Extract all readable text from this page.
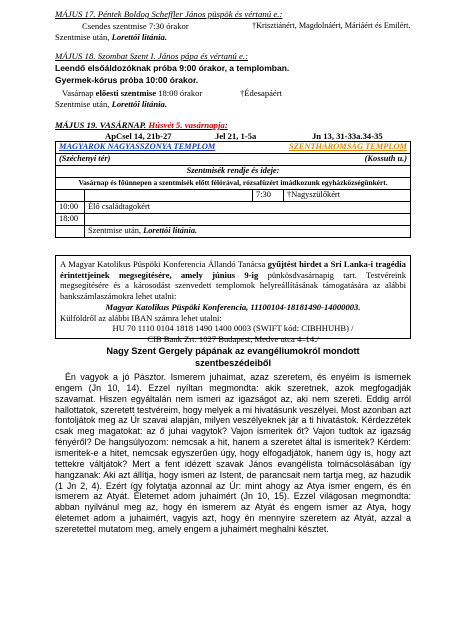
MÁJUS 17. Péntek Boldog Scheffler János püspök és vértanú e.:
Csendes szentmise 7:30 órakor	†Krisztiánért, Magdolnáért, Máriáért és Emilért.
Szentmise után, Lorettói litánia.
MÁJUS 18. Szombat Szent I. János pápa és vértanú e.:
Leendő elsőáldozóknak próba 9:00 órakor, a templomban.
Gyermek-kórus próba 10:00 órakor.
Vasárnap előesti szentmise 18:00 órakor	†Édesapáért
Szentmise után, Lorettói litánia.
MÁJUS 19. VASÁRNAP. Húsvét 5. vasárnapja:
ApCsel 14, 21b-27	Jel 21, 1-5a	Jn 13, 31-33a.34-35
MAGYAROK NAGYASSZONYA TEMPLOM		SZENTHÁROMSÁG TEMPLOM	
(Széchenyi tér)		(Kossuth u.)	
Szentmisék rendje és ideje:			
Vasárnap és főünnepen a szentmisék előtt félórával, rózsafüzért imádkozunk egyházközségünkért.			
		7:30	†Nagyszülőkért
10:00	Élő családtagokért		
18:00			
	Szentmise után, Lorettói litánia.		
A Magyar Katolikus Püspöki Konferencia Állandó Tanácsa gyűjtést hirdet a Srí Lanka-i tragédia érintettjeinek megsegítésére, amely június 9-ig pünkösdvasárnapig tart. Testvéreink megsegítésére és a károsodást szenvedett templomok helyreállításának támogatására az alábbi bankszámlaszámokra lehet utalni:
Magyar Katolikus Püspöki Konferencia, 11100104-18181490-14000003.
Külföldről az alábbi IBAN számra lehet utalni:
HU 70 1110 0104 1818 1490 1400 0003 (SWIFT kód: CIBHHUHB) /
CIB Bank Zrt. 1027 Budapest, Medve utca 4–14./
Nagy Szent Gergely pápának az evangéliumokról mondott
szentbeszédeiből
Én vagyok a jó Pásztor. Ismerem juhaimat, azaz szeretem, és enyéim is ismernek engem (Jn 10, 14). Ezzel nyíltan megmondta: akik szeretnek, azok megfogadják szavamat. Hiszen egyáltalán nem ismeri az igazságot az, aki nem szereti. Eddig arról hallottatok, szeretett testvéreim, hogy melyek a mi hivatásunk veszélyei. Most azonban azt fontoljátok meg az Úr szavai alapján, milyen veszélyeknek jár a ti hivatástok. Kérdezzétek csak meg magatokat: az ő juhai vagytok? Vajon ismeritek őt? Vajon tudtok az igazság fényéről? De hangsúlyozom: nemcsak a hit, hanem a szeretet által is ismeritek? Kérdem: ismeritek-e a hitet, nemcsak egyszerűen úgy, hogy elfogadjátok, hanem úgy is, hogy azt tettekre váltjátok? Mert a fent idézett szavak János evangélista tolmácsolásában így hangzanak: Aki azt állítja, hogy ismeri az Istent, de parancsait nem tartja meg, az hazudik (1 Jn 2, 4). Ezért így folytatja azonnal az Úr: mint ahogy az Atya ismer engem, és én ismerem az Atyát. Életemet adom juhaimért (Jn 10, 15). Ezzel világosan megmondta: abban nyilvánul meg az, hogy én ismerem az Atyát és engem ismer az Atya, hogy életemet adom a juhaimért, vagyis azt, hogy én mennyire szeretem az Atyát, azzal a szeretettel mutatom meg, amely engem a juhaimért meghalni késztet.
